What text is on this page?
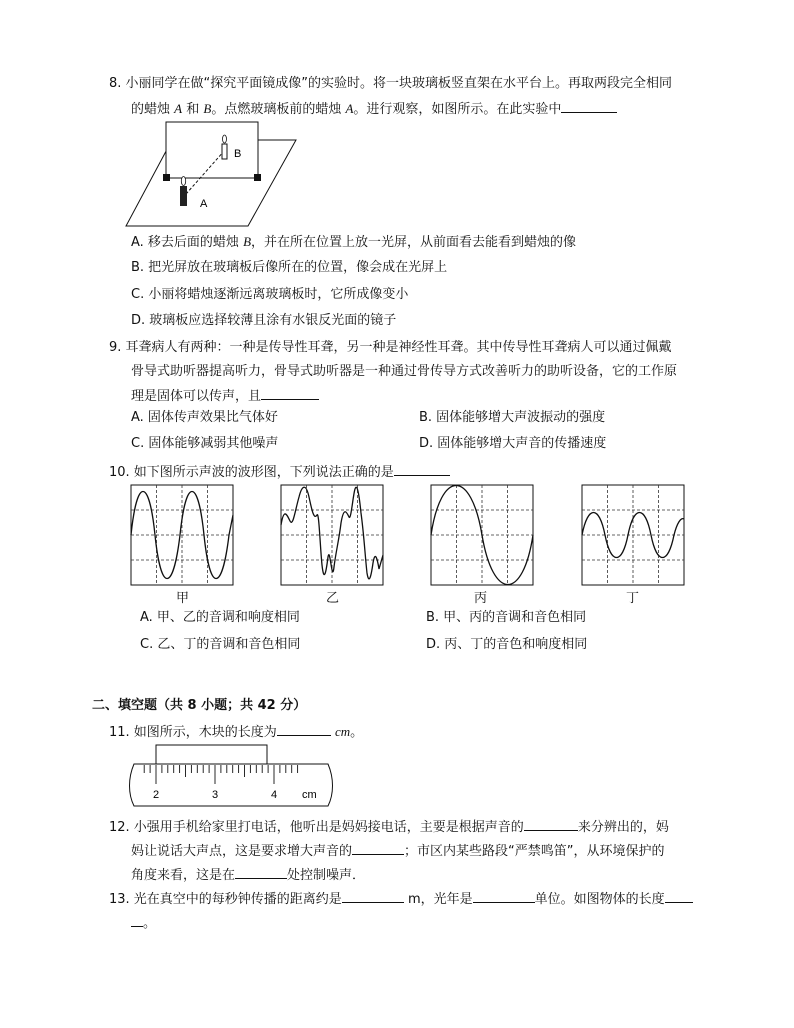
8. 小丽同学在做“探究平面镜成像”的实验时。将一块玻璃板竖直架在水平台上。再取两段完全相同
的蜡烛 A 和 B。点燃玻璃板前的蜡烛 A。进行观察，如图所示。在此实验中
B
A
A. 移去后面的蜡烛 B，并在所在位置上放一光屏，从前面看去能看到蜡烛的像
B. 把光屏放在玻璃板后像所在的位置，像会成在光屏上
C. 小丽将蜡烛逐渐远离玻璃板时，它所成像变小
D. 玻璃板应选择较薄且涂有水银反光面的镜子
9. 耳聋病人有两种：一种是传导性耳聋，另一种是神经性耳聋。其中传导性耳聋病人可以通过佩戴
骨导式助听器提高听力，骨导式助听器是一种通过骨传导方式改善听力的助听设备，它的工作原
理是固体可以传声，且
A. 固体传声效果比气体好	B. 固体能够增大声波振动的强度
C. 固体能够减弱其他噪声	D. 固体能够增大声音的传播速度
10. 如下图所示声波的波形图，下列说法正确的是
甲	乙	丙	丁
A. 甲、乙的音调和响度相同	B. 甲、丙的音调和音色相同
C. 乙、丁的音调和音色相同	D. 丙、丁的音色和响度相同
二、填空题（共 8 小题；共 42 分）
11. 如图所示，木块的长度为	cm。
2	3	4 cm
12. 小强用手机给家里打电话，他听出是妈妈接电话，主要是根据声音的	来分辨出的，妈
妈让说话大声点，这是要求增大声音的	；市区内某些路段“严禁鸣笛”，从环境保护的
角度来看，这是在	处控制噪声．
13. 光在真空中的每秒钟传播的距离约是	m，光年是	单位。如图物体的长度
。
